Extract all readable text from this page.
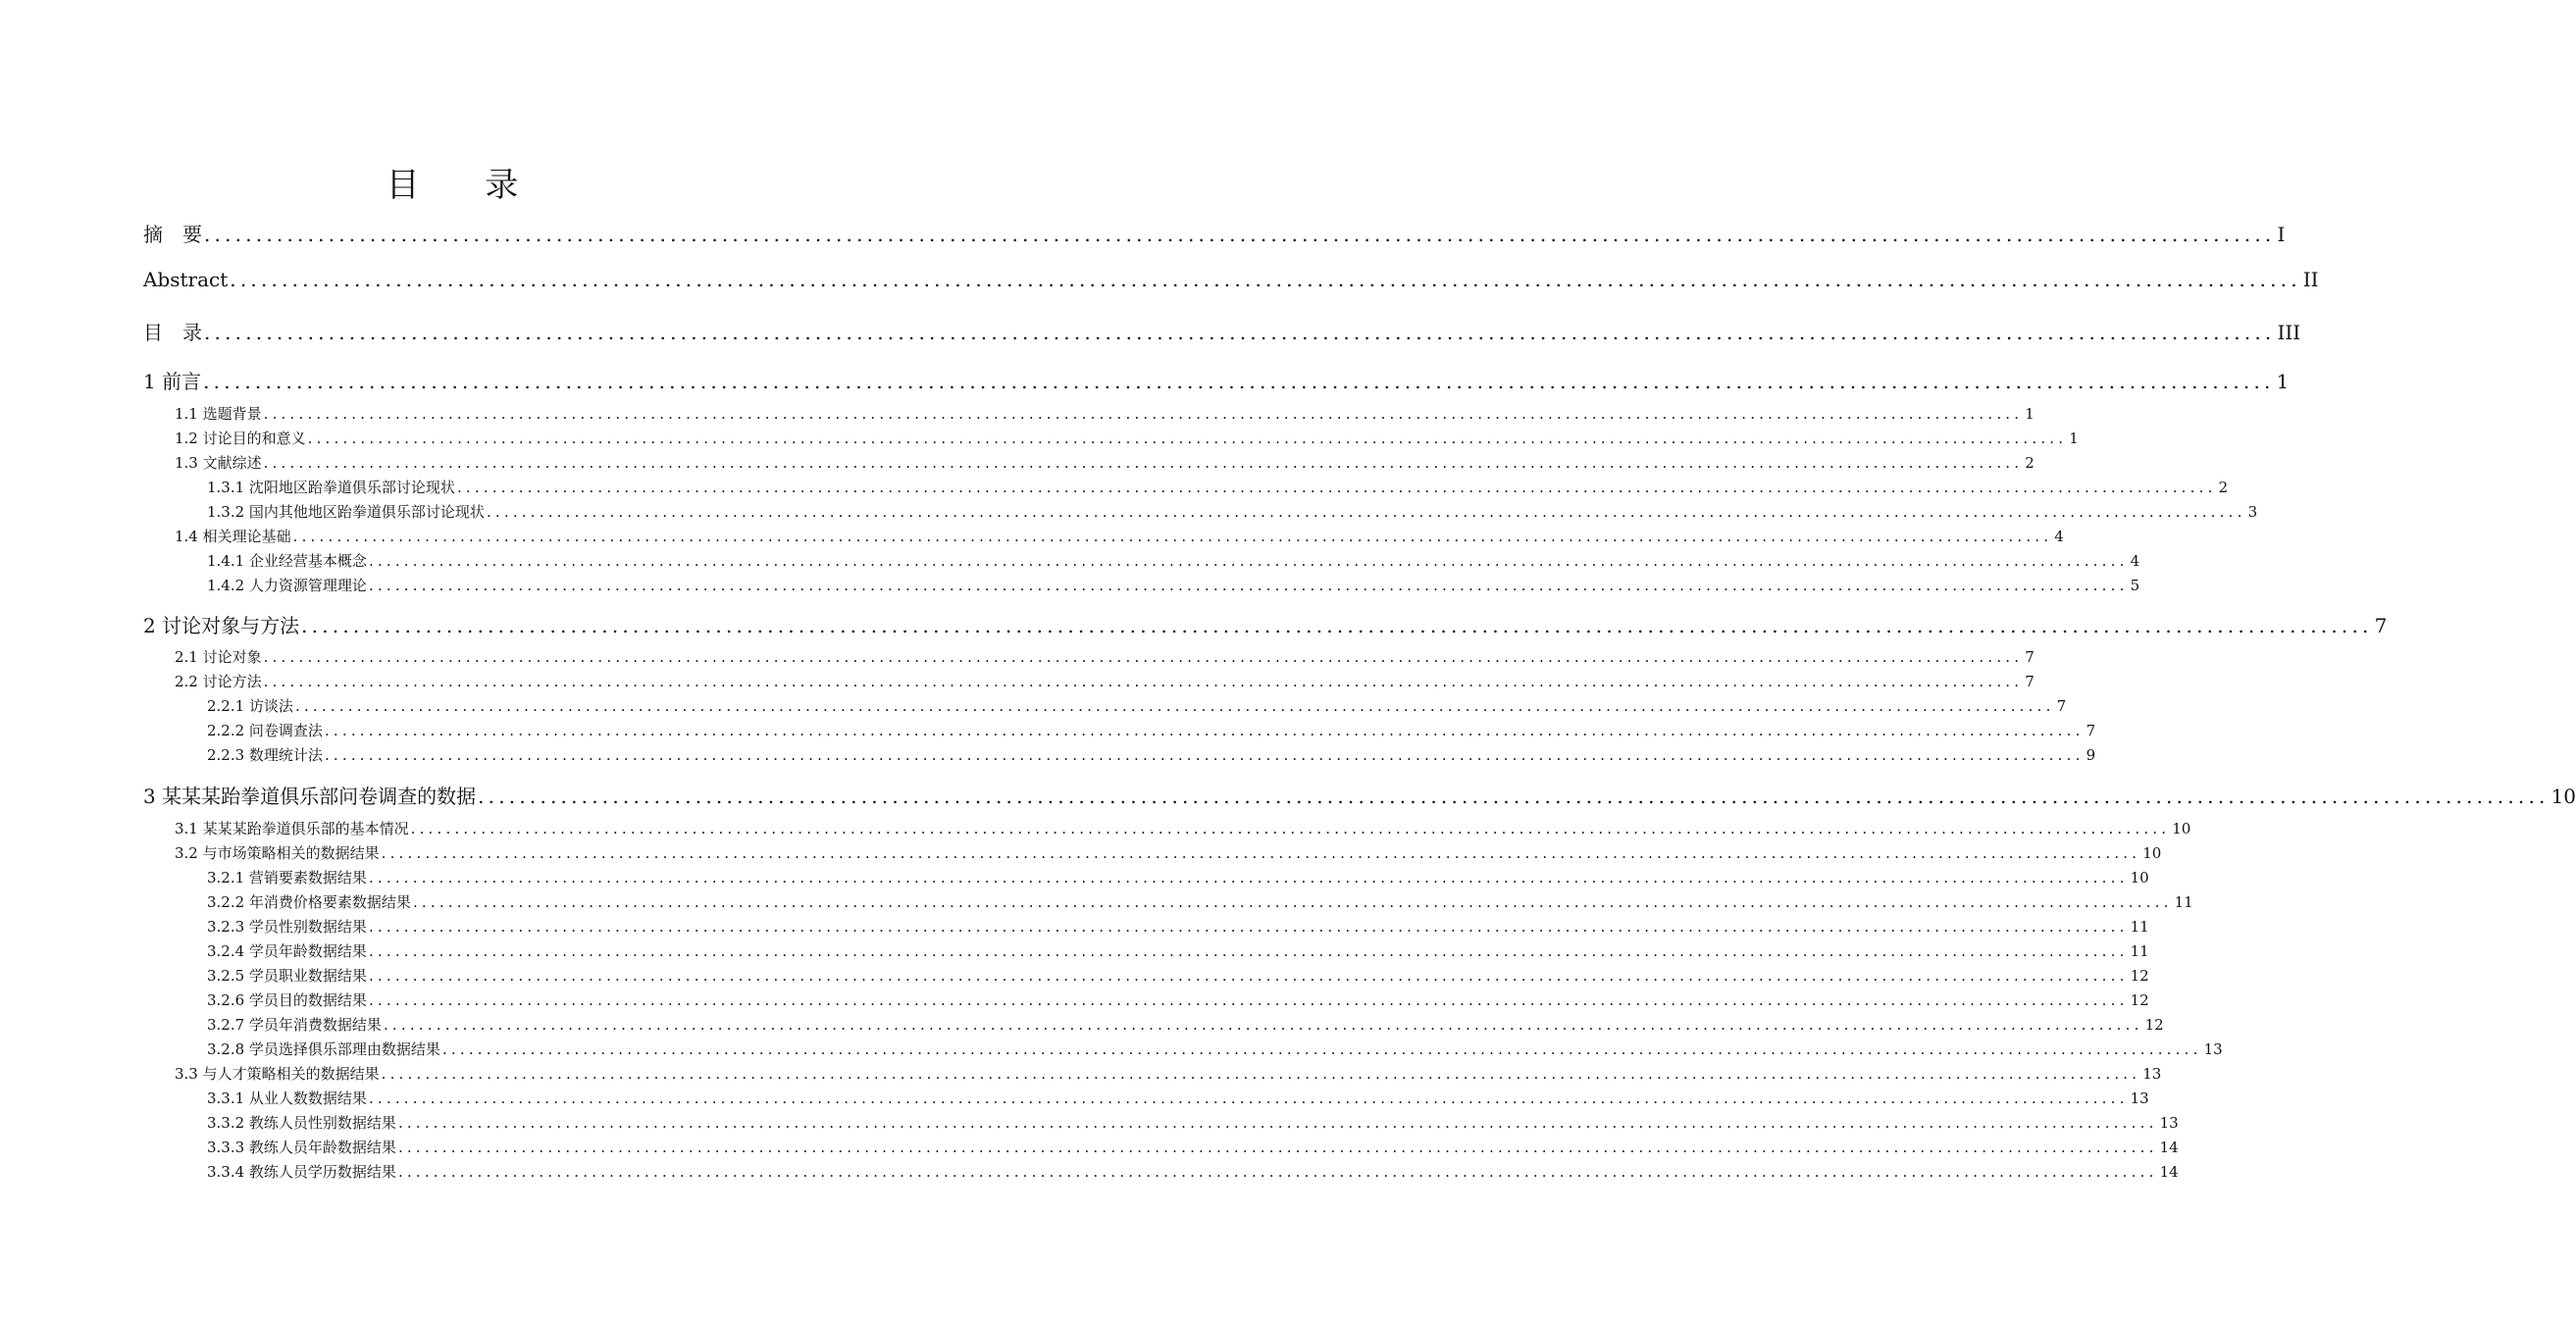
目 录
摘　要 ........................................................................................................................................................................................................ I
Abstract ........................................................................................................................................................................................................ II
目　录 ........................................................................................................................................................................................................ III
1 前言 ........................................................................................................................................................................................................ 1
1.1 选题背景 ........................................................................................................................................................................................................ 1
1.2 讨论目的和意义 ........................................................................................................................................................................................................ 1
1.3 文献综述 ........................................................................................................................................................................................................ 2
1.3.1 沈阳地区跆拳道俱乐部讨论现状 ........................................................................................................................................................................................................ 2
1.3.2 国内其他地区跆拳道俱乐部讨论现状 ........................................................................................................................................................................................................ 3
1.4 相关理论基础 ........................................................................................................................................................................................................ 4
1.4.1 企业经营基本概念 ........................................................................................................................................................................................................ 4
1.4.2 人力资源管理理论 ........................................................................................................................................................................................................ 5
2 讨论对象与方法 ........................................................................................................................................................................................................ 7
2.1 讨论对象 ........................................................................................................................................................................................................ 7
2.2 讨论方法 ........................................................................................................................................................................................................ 7
2.2.1 访谈法 ........................................................................................................................................................................................................ 7
2.2.2 问卷调查法 ........................................................................................................................................................................................................ 7
2.2.3 数理统计法 ........................................................................................................................................................................................................ 9
3 某某某跆拳道俱乐部问卷调查的数据 ........................................................................................................................................................................................................ 10
3.1 某某某跆拳道俱乐部的基本情况 ........................................................................................................................................................................................................ 10
3.2 与市场策略相关的数据结果 ........................................................................................................................................................................................................ 10
3.2.1 营销要素数据结果 ........................................................................................................................................................................................................ 10
3.2.2 年消费价格要素数据结果 ........................................................................................................................................................................................................ 11
3.2.3 学员性别数据结果 ........................................................................................................................................................................................................ 11
3.2.4 学员年龄数据结果 ........................................................................................................................................................................................................ 11
3.2.5 学员职业数据结果 ........................................................................................................................................................................................................ 12
3.2.6 学员目的数据结果 ........................................................................................................................................................................................................ 12
3.2.7 学员年消费数据结果 ........................................................................................................................................................................................................ 12
3.2.8 学员选择俱乐部理由数据结果 ........................................................................................................................................................................................................ 13
3.3 与人才策略相关的数据结果 ........................................................................................................................................................................................................ 13
3.3.1 从业人数数据结果 ........................................................................................................................................................................................................ 13
3.3.2 教练人员性别数据结果 ........................................................................................................................................................................................................ 13
3.3.3 教练人员年龄数据结果 ........................................................................................................................................................................................................ 14
3.3.4 教练人员学历数据结果 ........................................................................................................................................................................................................ 14
